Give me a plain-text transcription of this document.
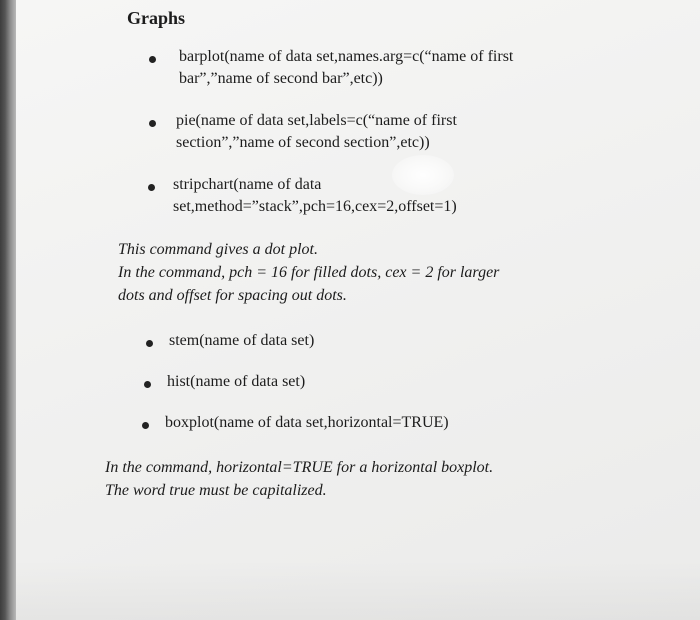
Graphs
barplot(name of data set,names.arg=c(“name of first
bar”,”name of second bar”,etc))
pie(name of data set,labels=c(“name of first
section”,”name of second section”,etc))
stripchart(name of data
set,method=”stack”,pch=16,cex=2,offset=1)
This command gives a dot plot.
In the command, pch = 16 for filled dots, cex = 2 for larger
dots and offset for spacing out dots.
stem(name of data set)
hist(name of data set)
boxplot(name of data set,horizontal=TRUE)
In the command, horizontal=TRUE for a horizontal boxplot.
The word true must be capitalized.
